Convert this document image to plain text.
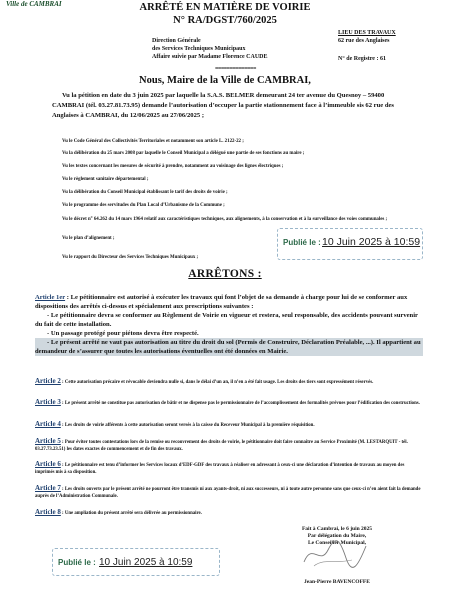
Ville de CAMBRAI	ARRÊTÉ EN MATIÈRE DE VOIRIE
N° RA/DGST/760/2025
LIEU DES TRAVAUX
62 rue des Anglaises
Direction Générale
des Services Techniques Municipaux
Affaire suivie par Madame Florence CAUDE	N° de Registre : 61
==============
Nous, Maire de la Ville de CAMBRAI,
Vu la pétition en date du 3 juin 2025 par laquelle la S.A.S. BELMER demeurant 24 ter avenue du Quesnoy – 59400 CAMBRAI (tél. 03.27.81.73.95) demande l’autorisation d’occuper la partie stationnement face à l’immeuble sis 62 rue des Anglaises à CAMBRAI, du 12/06/2025 au 27/06/2025 ;
Vu le Code Général des Collectivités Territoriales et notamment son article L. 2122-22 ;
Vu la délibération du 25 mars 2008 par laquelle le Conseil Municipal a délégué une partie de ses fonctions au maire ;
Vu les textes concernant les mesures de sécurité à prendre, notamment au voisinage des lignes électriques ;
Vu le règlement sanitaire départemental ;
Vu la délibération du Conseil Municipal établissant le tarif des droits de voirie ;
Vu le programme des servitudes du Plan Local d’Urbanisme de la Commune ;
Vu le décret n° 64.262 du 14 mars 1964 relatif aux caractéristiques techniques, aux alignements, à la conservation et à la surveillance des voies communales ;
Vu le plan d’alignement ;
Vu le rapport du Directeur des Services Techniques Municipaux ;
Publié le : 10 Juin 2025 à 10:59
ARRÊTONS :
Article 1er : Le pétitionnaire est autorisé à exécuter les travaux qui font l’objet de sa demande à charge pour lui de se conformer aux dispositions des arrêtés ci-dessus et spécialement aux prescriptions suivantes :
- Le pétitionnaire devra se conformer au Règlement de Voirie en vigueur et restera, seul responsable, des accidents pouvant survenir du fait de cette installation.
- Un passage protégé pour piétons devra être respecté.
- Le présent arrêté ne vaut pas autorisation au titre du droit du sol (Permis de Construire, Déclaration Préalable, ...). Il appartient au demandeur de s’assurer que toutes les autorisations éventuelles ont été données en Mairie.
Article 2 : Cette autorisation précaire et révocable deviendra nulle si, dans le délai d’un an, il n’en a été fait usage. Les droits des tiers sont expressément réservés.
Article 3 : Le présent arrêté ne constitue pas autorisation de bâtir et ne dispense pas le permissionnaire de l’accomplissement des formalités prévues pour l’édification des constructions.
Article 4 : Les droits de voirie afférents à cette autorisation seront versés à la caisse du Receveur Municipal à la première réquisition.
Article 5 : Pour éviter toutes contestations lors de la remise ou recouvrement des droits de voirie, le pétitionnaire doit faire connaître au Service Proximité (M. LESTARQUIT - tél. 03.27.73.23.51) les dates exactes de commencement et de fin des travaux.
Article 6 : Le pétitionnaire est tenu d’informer les Services locaux d’EDF-GDF des travaux à réaliser en adressant à ceux-ci une déclaration d’intention de travaux au moyen des imprimés mis à sa disposition.
Article 7 : Les droits ouverts par le présent arrêté ne pourront être transmis ni aux ayants-droit, ni aux successeurs, ni à toute autre personne sans que ceux-ci n’en aient fait la demande auprès de l’Administration Communale.
Article 8 : Une ampliation du présent arrêté sera délivrée au permissionnaire.
Publié le : 10 Juin 2025 à 10:59
Fait à Cambrai, le 6 juin 2025
Par délégation du Maire,
Le Conseiller Municipal,
Jean-Pierre BAVENCOFFE
